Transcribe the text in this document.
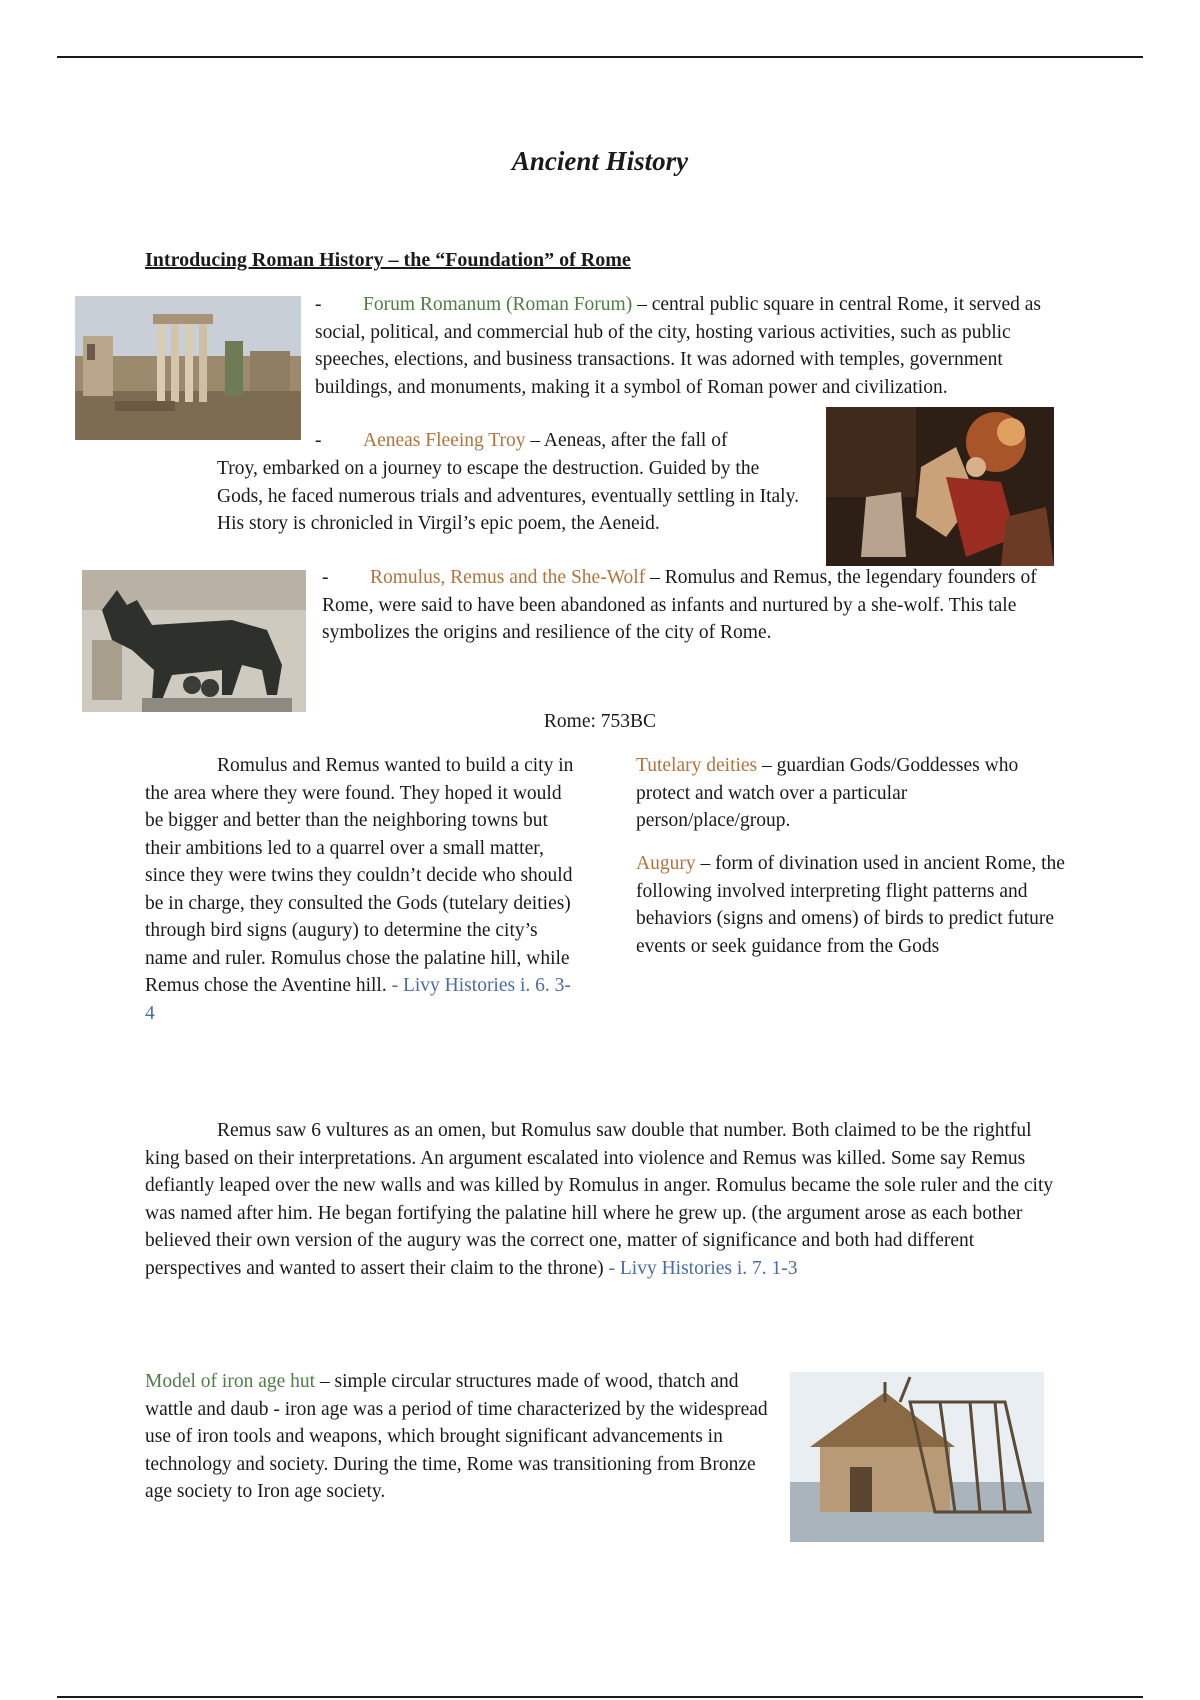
Ancient History
Introducing Roman History – the “Foundation” of Rome

- Forum Romanum (Roman Forum) – central public square in central Rome, it served as social, political, and commercial hub of the city, hosting various activities, such as public speeches, elections, and business transactions. It was adorned with temples, government buildings, and monuments, making it a symbol of Roman power and civilization.

- Aeneas Fleeing Troy – Aeneas, after the fall of

Troy, embarked on a journey to escape the destruction. Guided by the Gods, he faced numerous trials and adventures, eventually settling in Italy. His story is chronicled in Virgil’s epic poem, the Aeneid.

- Romulus, Remus and the She-Wolf – Romulus and Remus, the legendary founders of Rome, were said to have been abandoned as infants and nurtured by a she-wolf. This tale symbolizes the origins and resilience of the city of Rome.

Rome: 753BC

Romulus and Remus wanted to build a city in the area where they were found. They hoped it would be bigger and better than the neighboring towns but their ambitions led to a quarrel over a small matter, since they were twins they couldn’t decide who should be in charge, they consulted the Gods (tutelary deities) through bird signs (augury) to determine the city’s name and ruler. Romulus chose the palatine hill, while Remus chose the Aventine hill. - Livy Histories i. 6. 3-4

Tutelary deities – guardian Gods/Goddesses who protect and watch over a particular person/place/group.

Augury – form of divination used in ancient Rome, the following involved interpreting flight patterns and behaviors (signs and omens) of birds to predict future events or seek guidance from the Gods

Remus saw 6 vultures as an omen, but Romulus saw double that number. Both claimed to be the rightful king based on their interpretations. An argument escalated into violence and Remus was killed. Some say Remus defiantly leaped over the new walls and was killed by Romulus in anger. Romulus became the sole ruler and the city was named after him. He began fortifying the palatine hill where he grew up. (the argument arose as each bother believed their own version of the augury was the correct one, matter of significance and both had different perspectives and wanted to assert their claim to the throne) - Livy Histories i. 7. 1-3

Model of iron age hut – simple circular structures made of wood, thatch and wattle and daub - iron age was a period of time characterized by the widespread use of iron tools and weapons, which brought significant advancements in technology and society. During the time, Rome was transitioning from Bronze age society to Iron age society.
